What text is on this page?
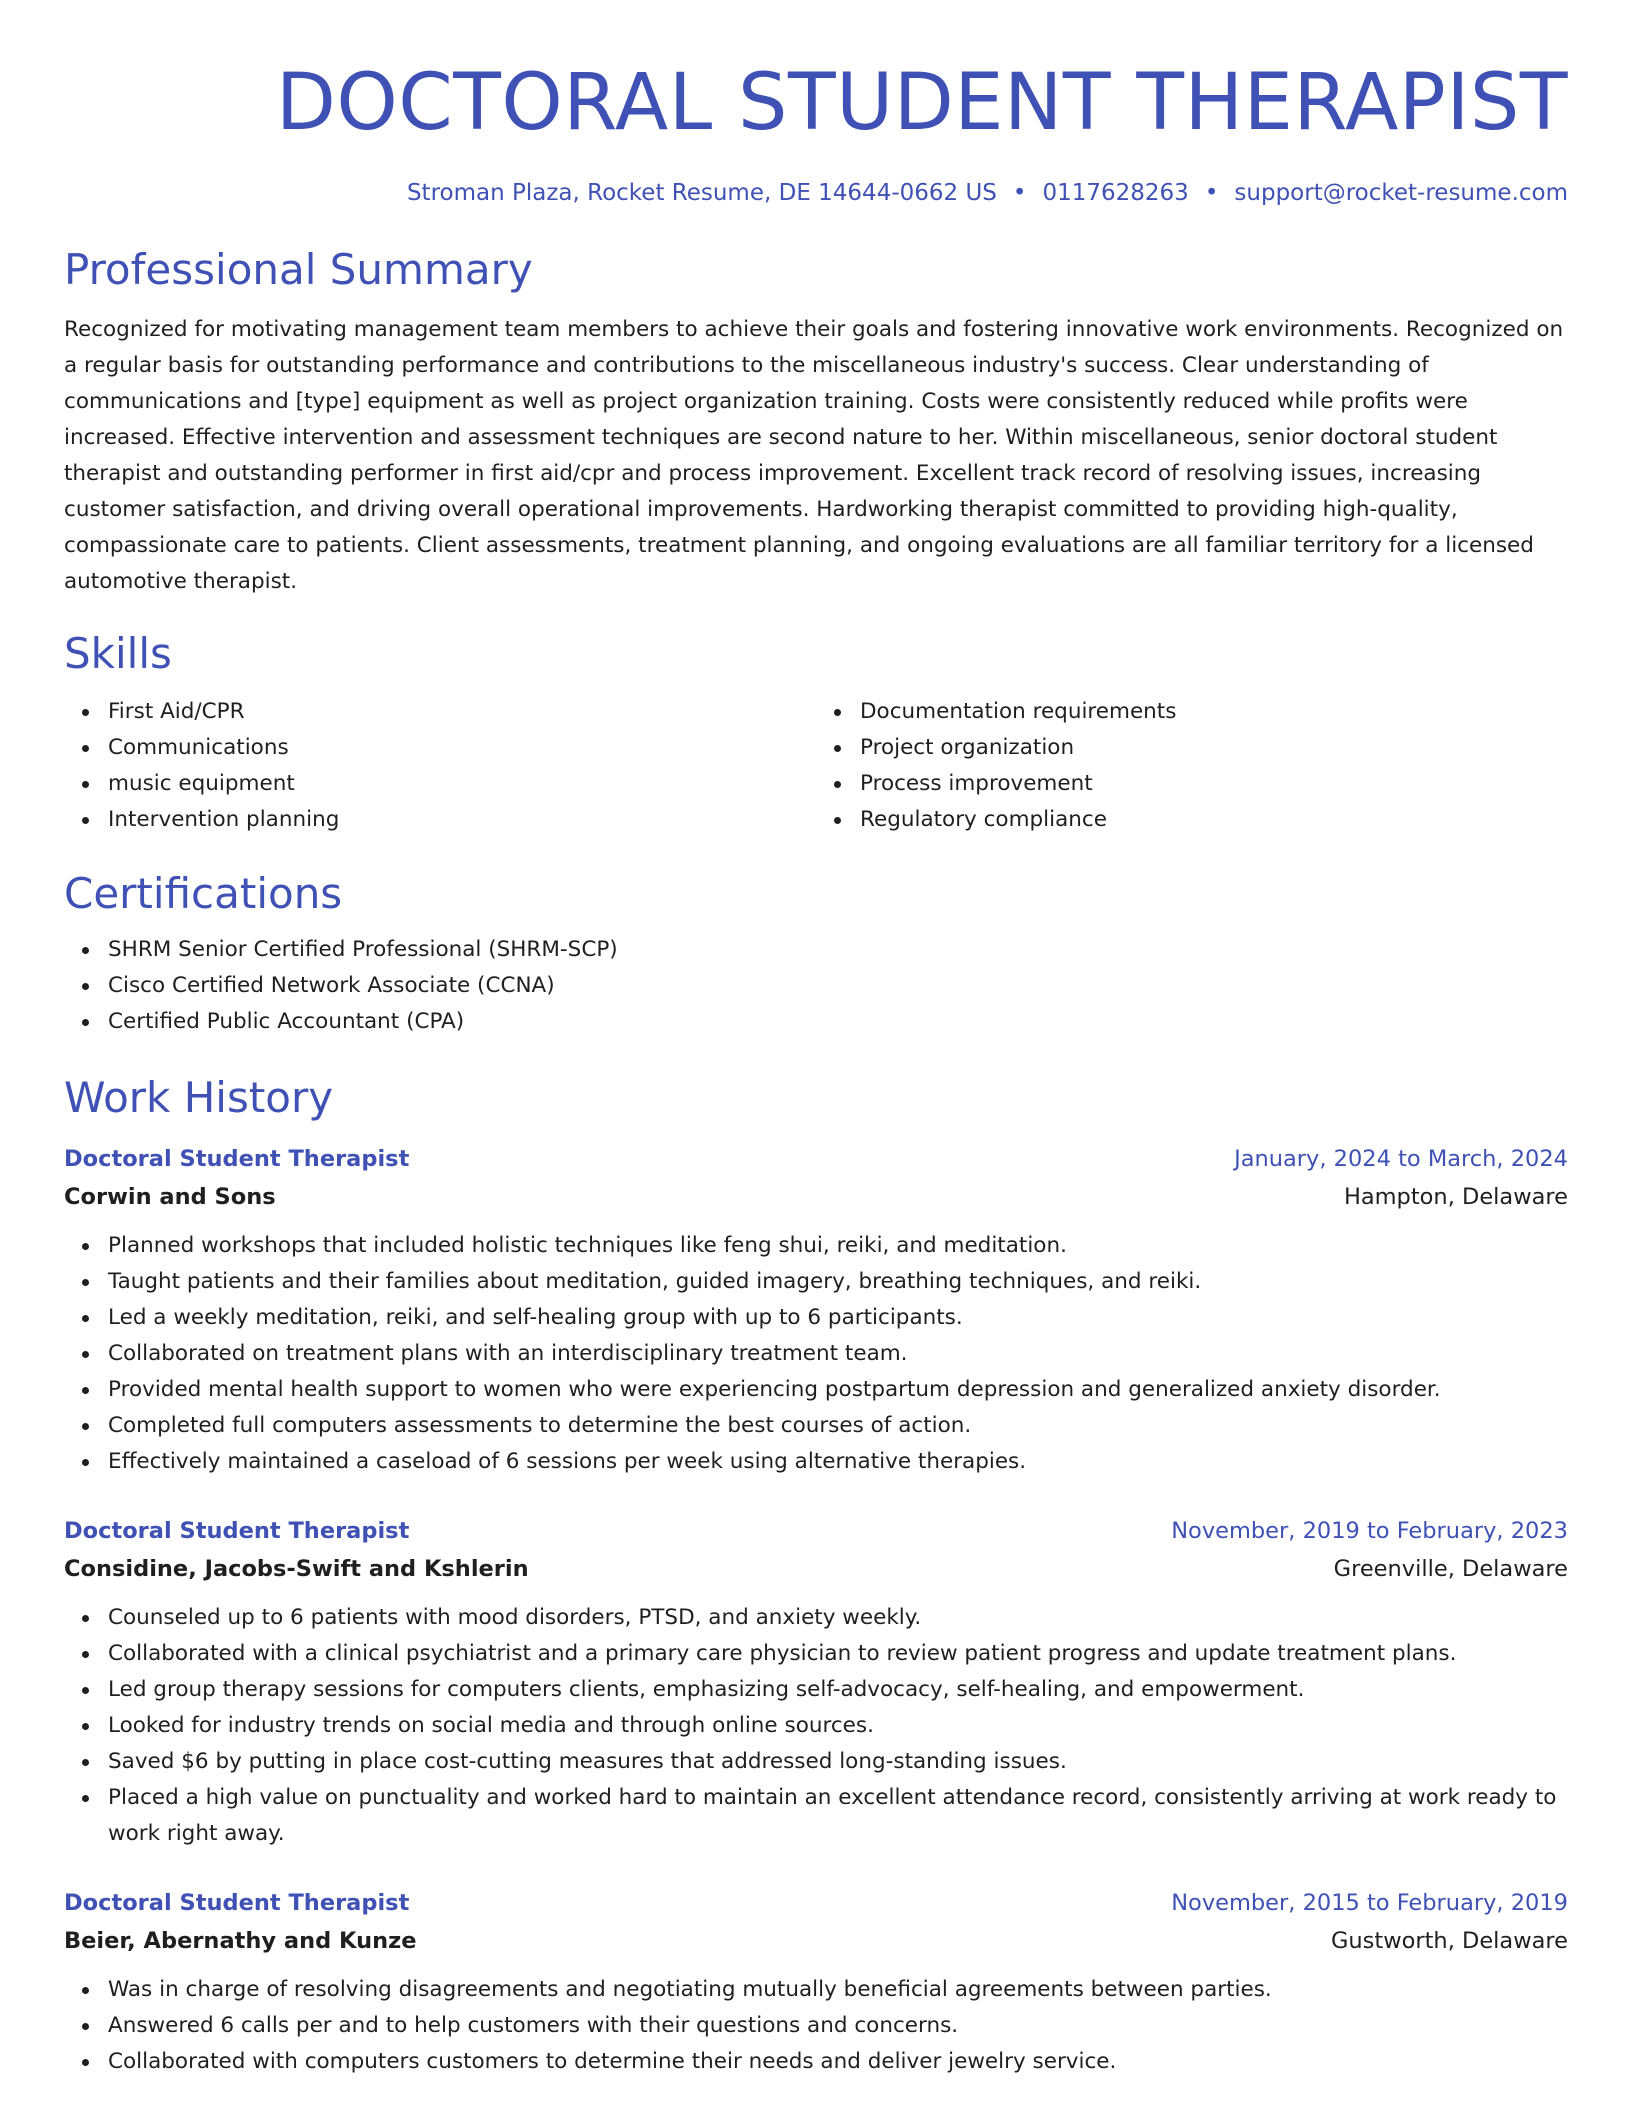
DOCTORAL STUDENT THERAPIST
Stroman Plaza, Rocket Resume, DE 14644-0662 US • 0117628263 • support@rocket-resume.com
Professional Summary

Recognized for motivating management team members to achieve their goals and fostering innovative work environments. Recognized on a regular basis for outstanding performance and contributions to the miscellaneous industry's success. Clear understanding of communications and [type] equipment as well as project organization training. Costs were consistently reduced while profits were increased. Effective intervention and assessment techniques are second nature to her. Within miscellaneous, senior doctoral student therapist and outstanding performer in first aid/cpr and process improvement. Excellent track record of resolving issues, increasing customer satisfaction, and driving overall operational improvements. Hardworking therapist committed to providing high-quality, compassionate care to patients. Client assessments, treatment planning, and ongoing evaluations are all familiar territory for a licensed automotive therapist.

Skills
First Aid/CPR
Communications
music equipment
Intervention planning
Documentation requirements
Project organization
Process improvement
Regulatory compliance
Certifications
SHRM Senior Certified Professional (SHRM-SCP)
Cisco Certified Network Associate (CCNA)
Certified Public Accountant (CPA)
Work History
Doctoral Student Therapist	January, 2024 to March, 2024
Corwin and Sons	Hampton, Delaware
Planned workshops that included holistic techniques like feng shui, reiki, and meditation.
Taught patients and their families about meditation, guided imagery, breathing techniques, and reiki.
Led a weekly meditation, reiki, and self-healing group with up to 6 participants.
Collaborated on treatment plans with an interdisciplinary treatment team.
Provided mental health support to women who were experiencing postpartum depression and generalized anxiety disorder.
Completed full computers assessments to determine the best courses of action.
Effectively maintained a caseload of 6 sessions per week using alternative therapies.
Doctoral Student Therapist	November, 2019 to February, 2023
Considine, Jacobs-Swift and Kshlerin	Greenville, Delaware
Counseled up to 6 patients with mood disorders, PTSD, and anxiety weekly.
Collaborated with a clinical psychiatrist and a primary care physician to review patient progress and update treatment plans.
Led group therapy sessions for computers clients, emphasizing self-advocacy, self-healing, and empowerment.
Looked for industry trends on social media and through online sources.
Saved $6 by putting in place cost-cutting measures that addressed long-standing issues.
Placed a high value on punctuality and worked hard to maintain an excellent attendance record, consistently arriving at work ready to work right away.
Doctoral Student Therapist	November, 2015 to February, 2019
Beier, Abernathy and Kunze	Gustworth, Delaware
Was in charge of resolving disagreements and negotiating mutually beneficial agreements between parties.
Answered 6 calls per and to help customers with their questions and concerns.
Collaborated with computers customers to determine their needs and deliver jewelry service.
